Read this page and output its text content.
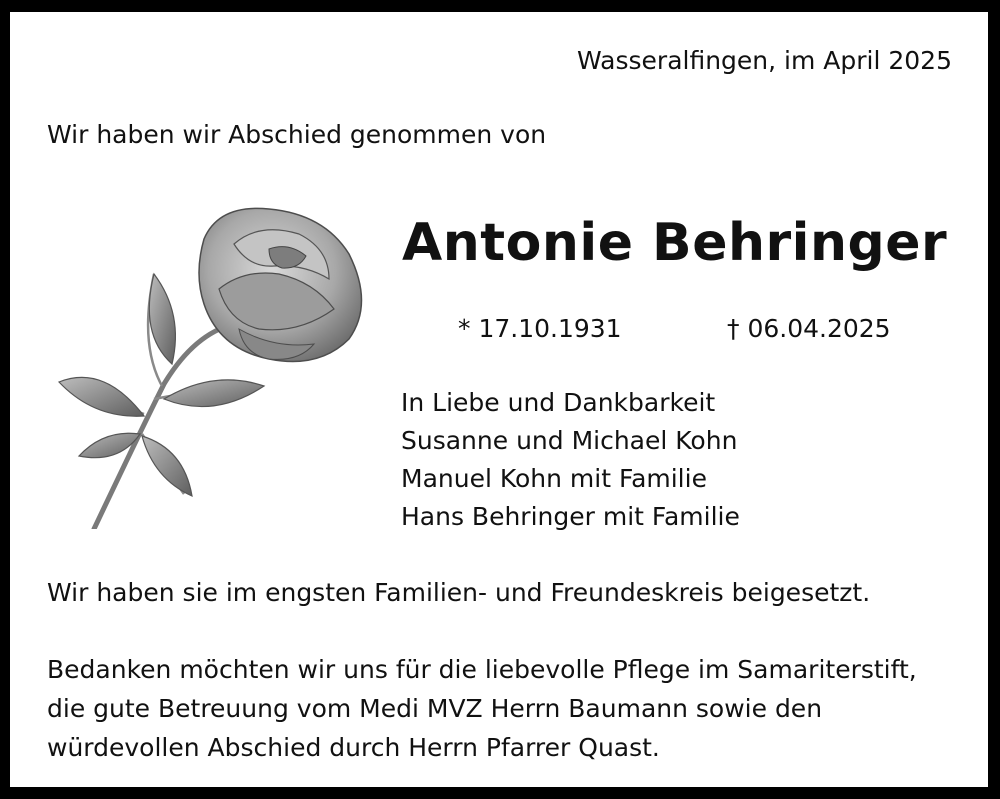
Wasseralfingen, im April 2025

Wir haben wir Abschied genommen von

Antonie Behringer
* 17.10.1931	† 06.04.2025
In Liebe und Dankbarkeit
Susanne und Michael Kohn
Manuel Kohn mit Familie
Hans Behringer mit Familie

Wir haben sie im engsten Familien- und Freundeskreis beigesetzt.

Bedanken möchten wir uns für die liebevolle Pflege im Samariterstift,
die gute Betreuung vom Medi MVZ Herrn Baumann sowie den
würdevollen Abschied durch Herrn Pfarrer Quast.
